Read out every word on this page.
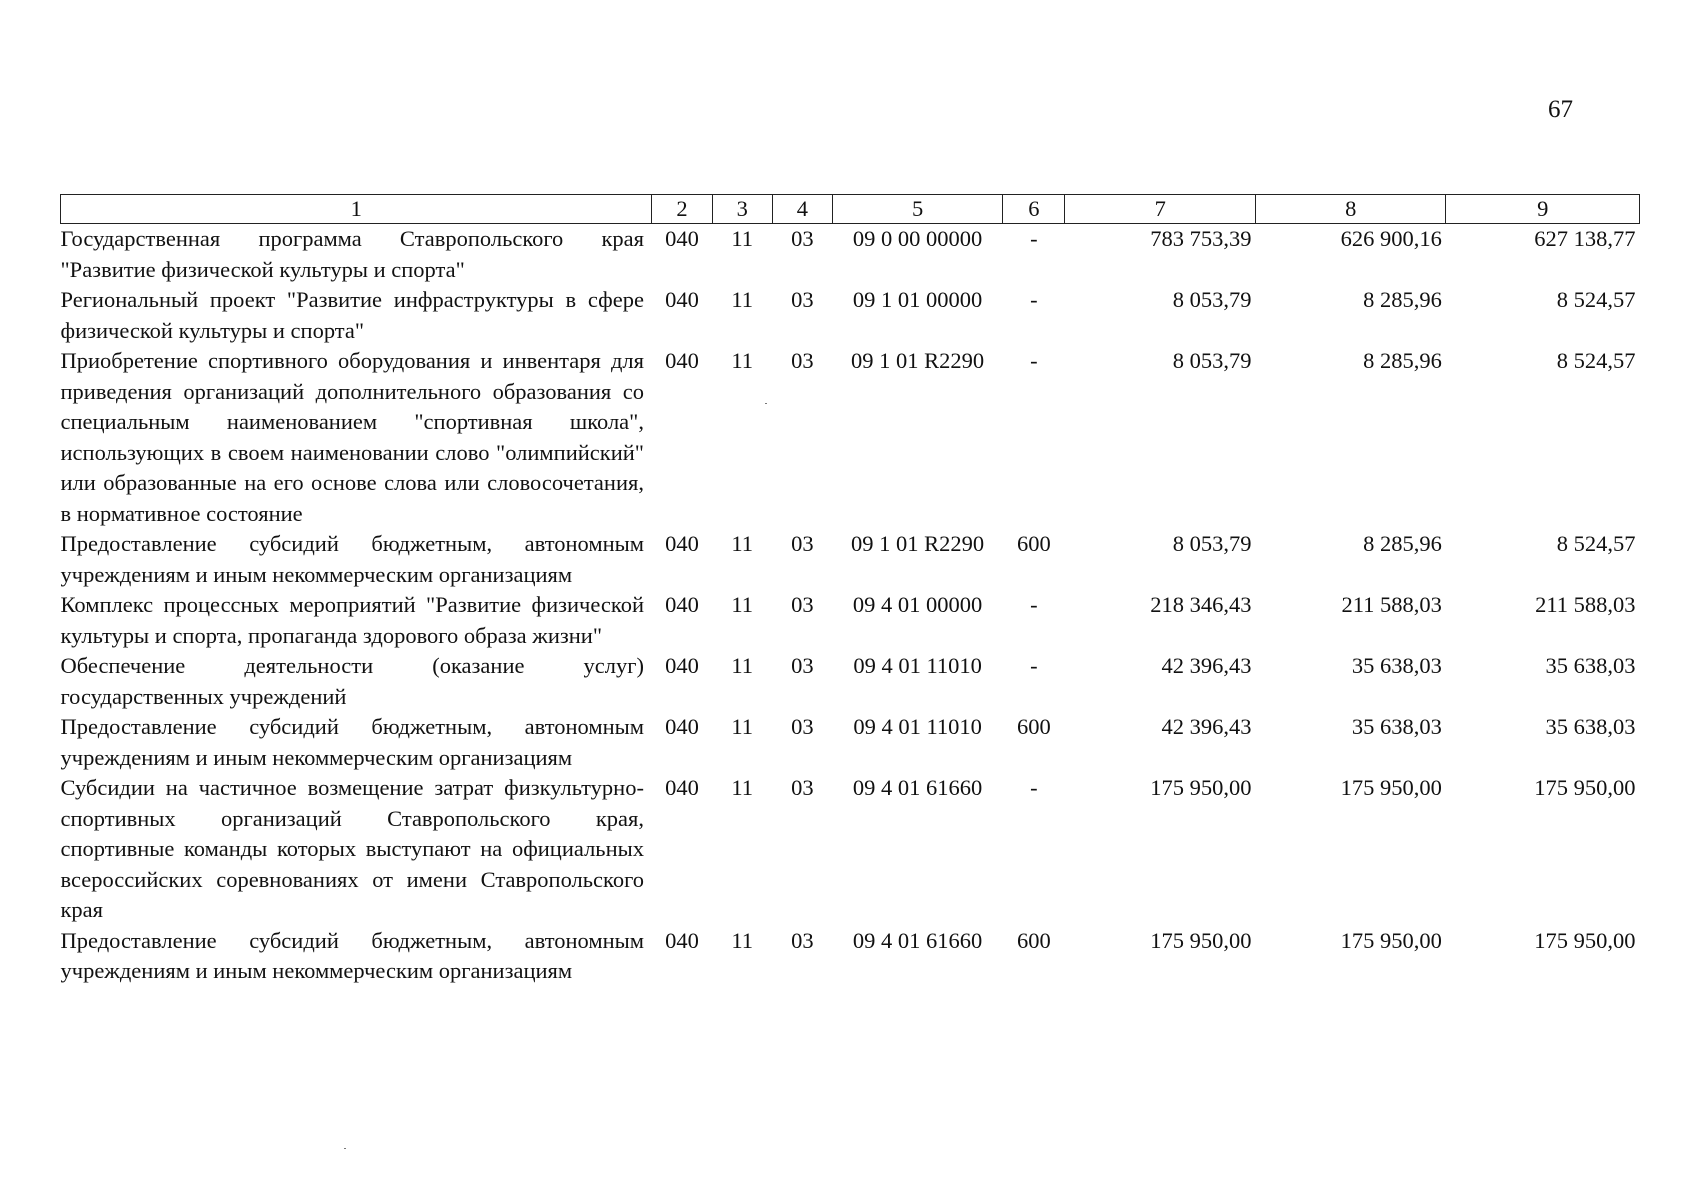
67
1	2	3	4	5	6	7	8	9
Государственная программа Ставропольского края "Развитие физической культуры и спорта"	040	11	03	09 0 00 00000	-	783 753,39	626 900,16	627 138,77
Региональный проект "Развитие инфраструктуры в сфере физической культуры и спорта"	040	11	03	09 1 01 00000	-	8 053,79	8 285,96	8 524,57
Приобретение спортивного оборудования и инвентаря для приведения организаций дополнительного образования со специальным наименованием "спортивная школа", использующих в своем наименовании слово "олимпийский" или образованные на его основе слова или словосочетания, в нормативное состояние	040	11	03	09 1 01 R2290	-	8 053,79	8 285,96	8 524,57
Предоставление субсидий бюджетным, автономным учреждениям и иным некоммерческим организациям	040	11	03	09 1 01 R2290	600	8 053,79	8 285,96	8 524,57
Комплекс процессных мероприятий "Развитие физической культуры и спорта, пропаганда здорового образа жизни"	040	11	03	09 4 01 00000	-	218 346,43	211 588,03	211 588,03
Обеспечение деятельности (оказание услуг) государственных учреждений	040	11	03	09 4 01 11010	-	42 396,43	35 638,03	35 638,03
Предоставление субсидий бюджетным, автономным учреждениям и иным некоммерческим организациям	040	11	03	09 4 01 11010	600	42 396,43	35 638,03	35 638,03
Субсидии на частичное возмещение затрат физкультурно-спортивных организаций Ставропольского края, спортивные команды которых выступают на официальных всероссийских соревнованиях от имени Ставропольского края	040	11	03	09 4 01 61660	-	175 950,00	175 950,00	175 950,00
Предоставление субсидий бюджетным, автономным учреждениям и иным некоммерческим организациям	040	11	03	09 4 01 61660	600	175 950,00	175 950,00	175 950,00
